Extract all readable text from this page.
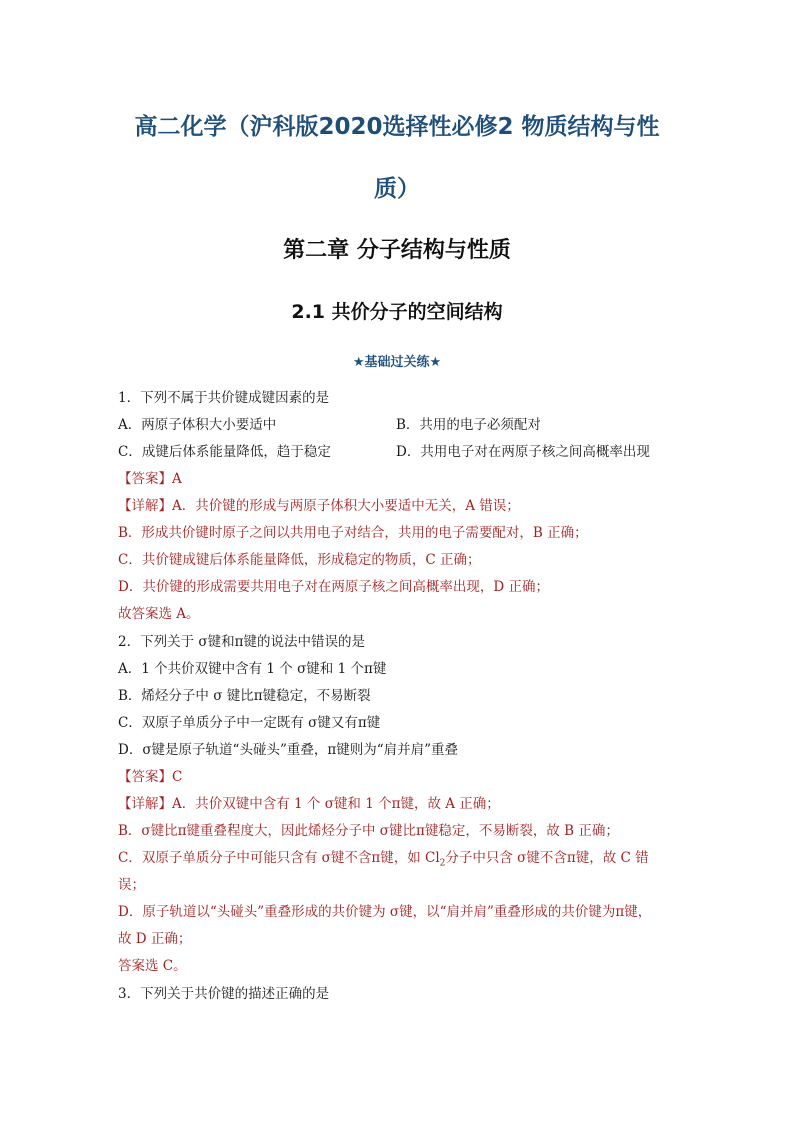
高二化学（沪科版2020选择性必修2 物质结构与性
质）
第二章 分子结构与性质
2.1 共价分子的空间结构
★基础过关练★
1．下列不属于共价键成键因素的是
A．两原子体积大小要适中	B．共用的电子必须配对
C．成键后体系能量降低，趋于稳定	D．共用电子对在两原子核之间高概率出现
【答案】A
【详解】A．共价键的形成与两原子体积大小要适中无关，A 错误；
B．形成共价键时原子之间以共用电子对结合，共用的电子需要配对，B 正确；
C．共价键成键后体系能量降低，形成稳定的物质，C 正确；
D．共价键的形成需要共用电子对在两原子核之间高概率出现，D 正确；
故答案选 A。
2．下列关于 σ键和π键的说法中错误的是
A．1 个共价双键中含有 1 个 σ键和 1 个π键
B．烯烃分子中 σ 键比π键稳定，不易断裂
C．双原子单质分子中一定既有 σ键又有π键
D．σ键是原子轨道“头碰头”重叠，π键则为“肩并肩”重叠
【答案】C
【详解】A．共价双键中含有 1 个 σ键和 1 个π键，故 A 正确；
B．σ键比π键重叠程度大，因此烯烃分子中 σ键比π键稳定，不易断裂，故 B 正确；
C．双原子单质分子中可能只含有 σ键不含π键，如 $Cl_2$分子中只含 σ键不含π键，故 C 错
误；
D．原子轨道以“头碰头”重叠形成的共价键为 σ键，以“肩并肩”重叠形成的共价键为π键，
故 D 正确；
答案选 C。
3．下列关于共价键的描述正确的是
